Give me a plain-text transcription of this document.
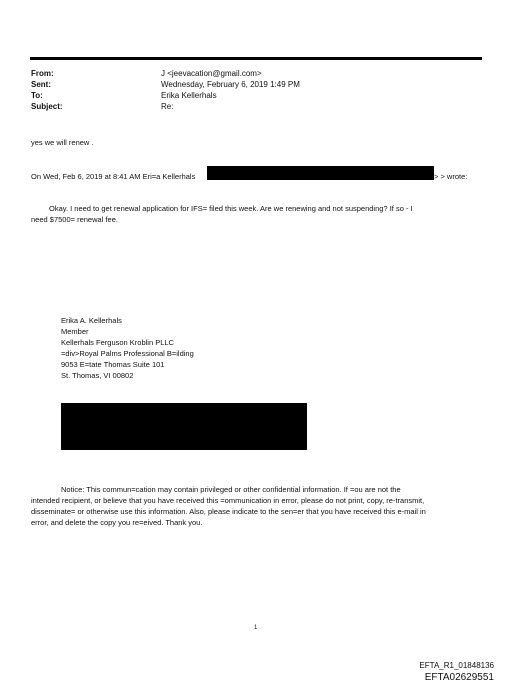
From:	J <jeevacation@gmail.com>
Sent:	Wednesday, February 6, 2019 1:49 PM
To:	Erika Kellerhals
Subject:	Re:
yes we will renew .
On Wed, Feb 6, 2019 at 8:41 AM Eri=a Kellerhals	> > wrote:
Okay. I need to get renewal application for IFS= filed this week. Are we renewing and not suspending? If so - I
need $7500= renewal fee.
Erika A. Kellerhals
Member
Kellerhals Ferguson Kroblin PLLC
=div>Royal Palms Professional B=ilding
9053 E=tate Thomas Suite 101
St. Thomas, VI 00802
Notice: This commun=cation may contain privileged or other confidential information. If =ou are not the
intended recipient, or believe that you have received this =ommunication in error, please do not print, copy, re-transmit,
disseminate= or otherwise use this information. Also, please indicate to the sen=er that you have received this e-mail in
error, and delete the copy you re=eived. Thank you.
1
EFTA_R1_01848136
EFTA02629551
